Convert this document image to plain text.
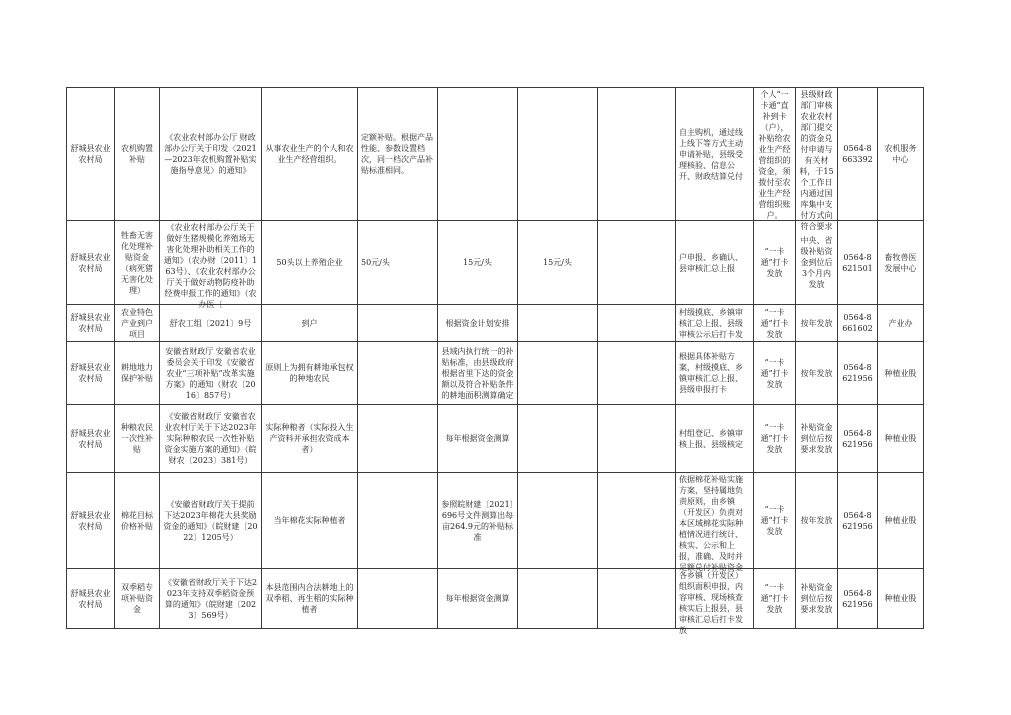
舒城县农业农村局	农机购置补贴	《农业农村部办公厅 财政部办公厅关于印发〈2021—2023年农机购置补贴实施指导意见〉的通知》	从事农业生产的个人和农业生产经营组织。	定额补贴。根据产品性能、参数设置档次，同一档次产品补贴标准相同。				自主购机，通过线上线下等方式主动申请补贴，县级受理核验、信息公开、财政结算兑付	个人“一卡通”直补到卡（户），补贴给农业生产经营组织的资金，须拨付至农业生产经营组织账户。	县级财政部门审核农业农村部门提交的资金兑付申请与有关材料，于15个工作日内通过国库集中支付方式向符合要求	0564-8663392	农机服务中心

舒城县农业农村局	牲畜无害化处理补贴资金（病死猪无害化处理）	《农业农村部办公厅关于做好生猪规模化养殖场无害化处理补助相关工作的通知》（农办财〔2011〕163号）、《农业农村部办公厅关于做好动物防疫补助经费申报工作的通知》（农办医〔	50头以上养殖企业	50元/头	15元/头	15元/头		户申报、乡确认、县审核汇总上报	“一卡通”打卡发放	中央、省级补贴资金到位后3个月内发放	0564-8621501	畜牧兽医发展中心

舒城县农业农村局	农业特色产业到户项目	舒农工组〔2021〕9号	到户		根据资金计划安排			村级摸底、乡镇审核汇总上报、县级审核公示后打卡发	“一卡通”打卡发放	按年发放	0564-8661602	产业办

舒城县农业农村局	耕地地力保护补贴	安徽省财政厅 安徽省农业委员会关于印发《安徽省农业“三项补贴”改革实施方案》的通知（财农〔2016〕857号）	原则上为拥有耕地承包权的种地农民		县域内执行统一的补贴标准，由县级政府根据省里下达的资金额以及符合补贴条件的耕地面积测算确定			根据具体补贴方案，村级摸底、乡镇审核汇总上报、县级申报打卡	“一卡通”打卡发放	按年发放	0564-8621956	种植业股

舒城县农业农村局	种粮农民一次性补贴	《安徽省财政厅 安徽省农业农村厅关于下达2023年实际种粮农民一次性补贴资金实施方案的通知》（皖财农〔2023〕381号）	实际种粮者（实际投入生产资料并承担农资成本者）		每年根据资金测算			村组登记、乡镇审核上报、县级核定	“一卡通”打卡发放	补贴资金到位后按要求发放	0564-8621956	种植业股

舒城县农业农村局	棉花目标价格补贴	《安徽省财政厅关于提前下达2023年棉花大县奖励资金的通知》（皖财建〔2022〕1205号）	当年棉花实际种植者		参照皖财建〔2021〕696号文件测算出每亩264.9元的补贴标准			依据棉花补贴实施方案，坚持属地负责原则，由乡镇（开发区）负责对本区域棉花实际种植情况进行统计、核实、公示和上报，准确、及时并足额兑付补贴资金	“一卡通”打卡发放	按年发放	0564-8621956	种植业股

舒城县农业农村局	双季稻专项补贴资金	《安徽省财政厅关于下达2023年支持双季稻资金预算的通知》（皖财建〔2023〕569号）	本县范围内合法耕地上的双季稻、再生稻的实际种植者		每年根据资金测算			各乡镇（开发区）组织面积申报，内容审核、现场核查核实后上报县，县审核汇总后打卡发放	“一卡通”打卡发放	补贴资金到位后按要求发放	0564-8621956	种植业股
